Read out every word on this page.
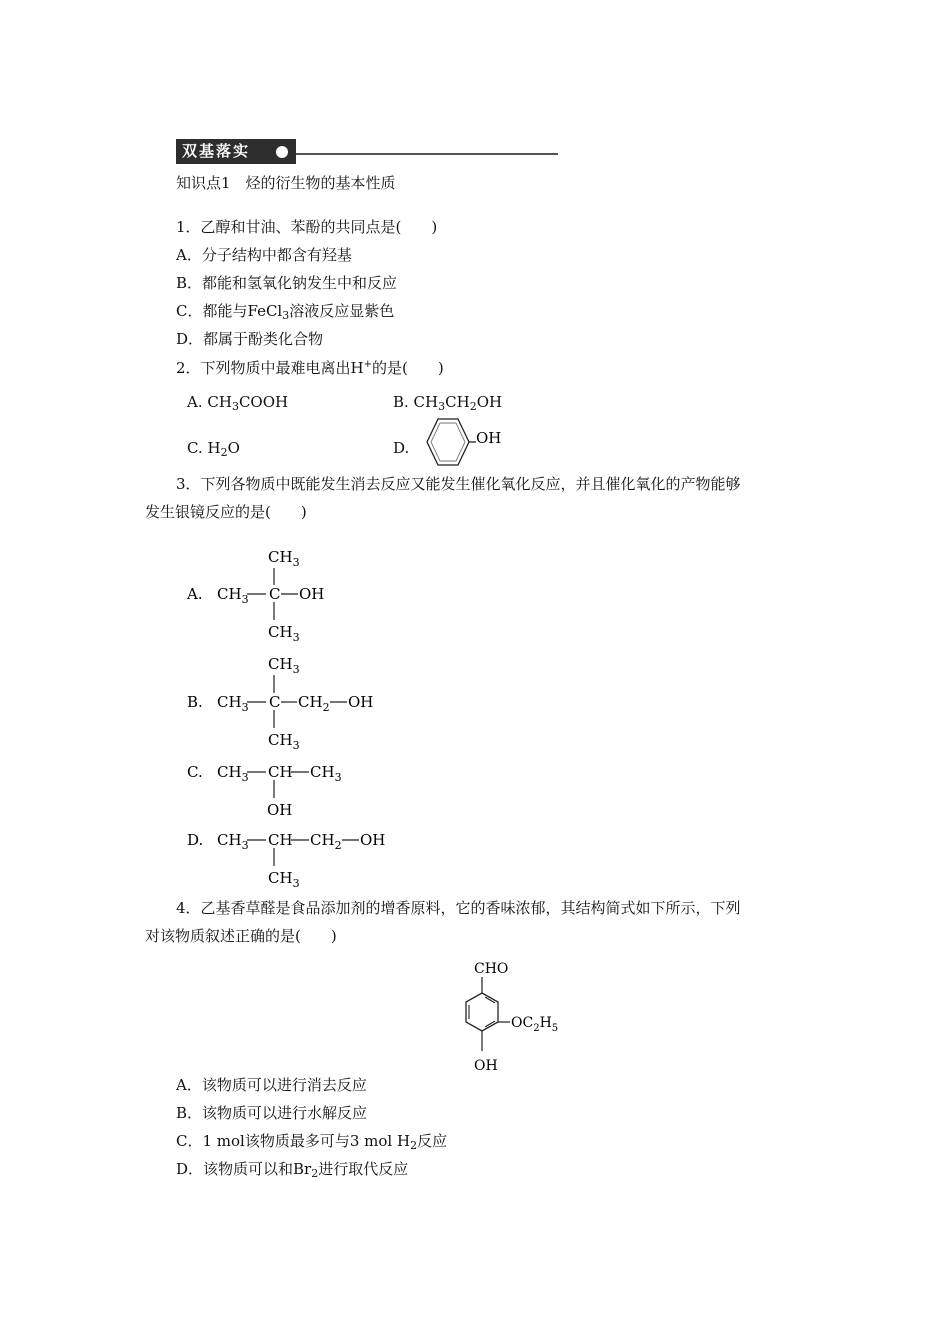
双基落实
知识点1　烃的衍生物的基本性质
1．乙醇和甘油、苯酚的共同点是(　　)
A．分子结构中都含有羟基
B．都能和氢氧化钠发生中和反应
C．都能与FeCl$_3$溶液反应显紫色
D．都属于酚类化合物
2．下列物质中最难电离出H+的是(　　)
A. $CH_3COOH$	B. $CH_3CH_2OH$
C. $H_2O$	D.
OH
3．下列各物质中既能发生消去反应又能发生催化氧化反应，并且催化氧化的产物能够
发生银镜反应的是(　　)
A.
$CH_3$
$CH_3$ C OH
$CH_3$
B.
$CH_3$
$CH_3$ C $CH_2$ OH
$CH_3$
C. $CH_3$ CH $CH_3$
OH
D. $CH_3$ CH $CH_2$ OH
$CH_3$
4．乙基香草醛是食品添加剂的增香原料，它的香味浓郁，其结构简式如下所示，下列
对该物质叙述正确的是(　　)
CHO
$OC_2H_5$
OH
A．该物质可以进行消去反应
B．该物质可以进行水解反应
C．1 mol该物质最多可与3 mol $H_2$反应
D．该物质可以和$Br_2$进行取代反应
